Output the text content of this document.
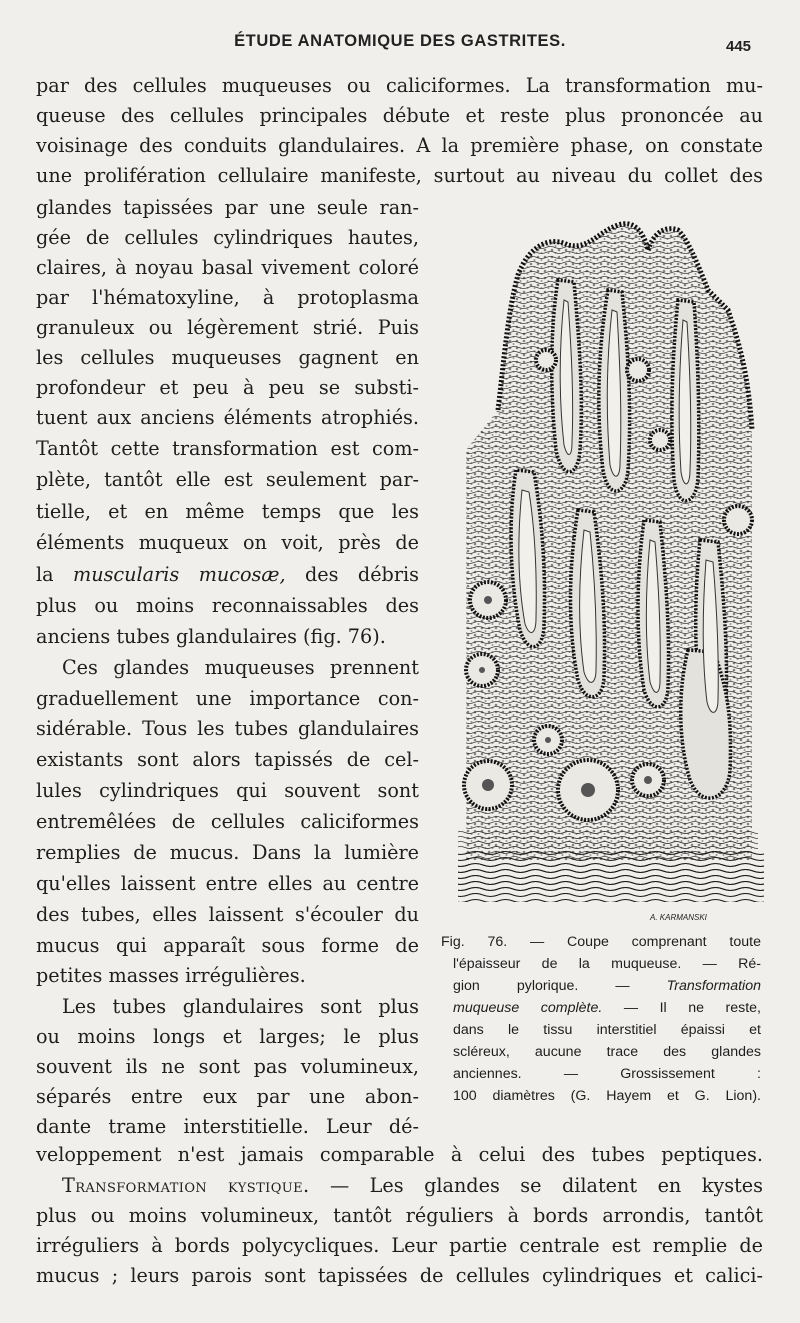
ÉTUDE ANATOMIQUE DES GASTRITES.	445
par des cellules muqueuses ou caliciformes. La transformation mu-
queuse des cellules principales débute et reste plus prononcée au
voisinage des conduits glandulaires. A la première phase, on constate
une prolifération cellulaire manifeste, surtout au niveau du collet des
glandes tapissées par une seule ran-
gée de cellules cylindriques hautes,
claires, à noyau basal vivement coloré
par l'hématoxyline, à protoplasma
granuleux ou légèrement strié. Puis
les cellules muqueuses gagnent en
profondeur et peu à peu se substi-
tuent aux anciens éléments atrophiés.
Tantôt cette transformation est com-
plète, tantôt elle est seulement par-
tielle, et en même temps que les
éléments muqueux on voit, près de
la muscularis mucosæ, des débris
plus ou moins reconnaissables des
anciens tubes glandulaires (fig. 76).
Ces glandes muqueuses prennent
graduellement une importance con-
sidérable. Tous les tubes glandulaires
existants sont alors tapissés de cel-
lules cylindriques qui souvent sont
entremêlées de cellules caliciformes
remplies de mucus. Dans la lumière
qu'elles laissent entre elles au centre
des tubes, elles laissent s'écouler du
mucus qui apparaît sous forme de
petites masses irrégulières.
Les tubes glandulaires sont plus
ou moins longs et larges; le plus
souvent ils ne sont pas volumineux,
séparés entre eux par une abon-
dante trame interstitielle. Leur dé-
A. KARMANSKI
Fig. 76. — Coupe comprenant toute
l'épaisseur de la muqueuse. — Ré-
gion pylorique. — Transformation
muqueuse complète. — Il ne reste,
dans le tissu interstitiel épaissi et
scléreux, aucune trace des glandes
anciennes. — Grossissement :
100 diamètres (G. Hayem et G. Lion).
veloppement n'est jamais comparable à celui des tubes peptiques.
Transformation kystique. — Les glandes se dilatent en kystes
plus ou moins volumineux, tantôt réguliers à bords arrondis, tantôt
irréguliers à bords polycycliques. Leur partie centrale est remplie de
mucus ; leurs parois sont tapissées de cellules cylindriques et calici-
